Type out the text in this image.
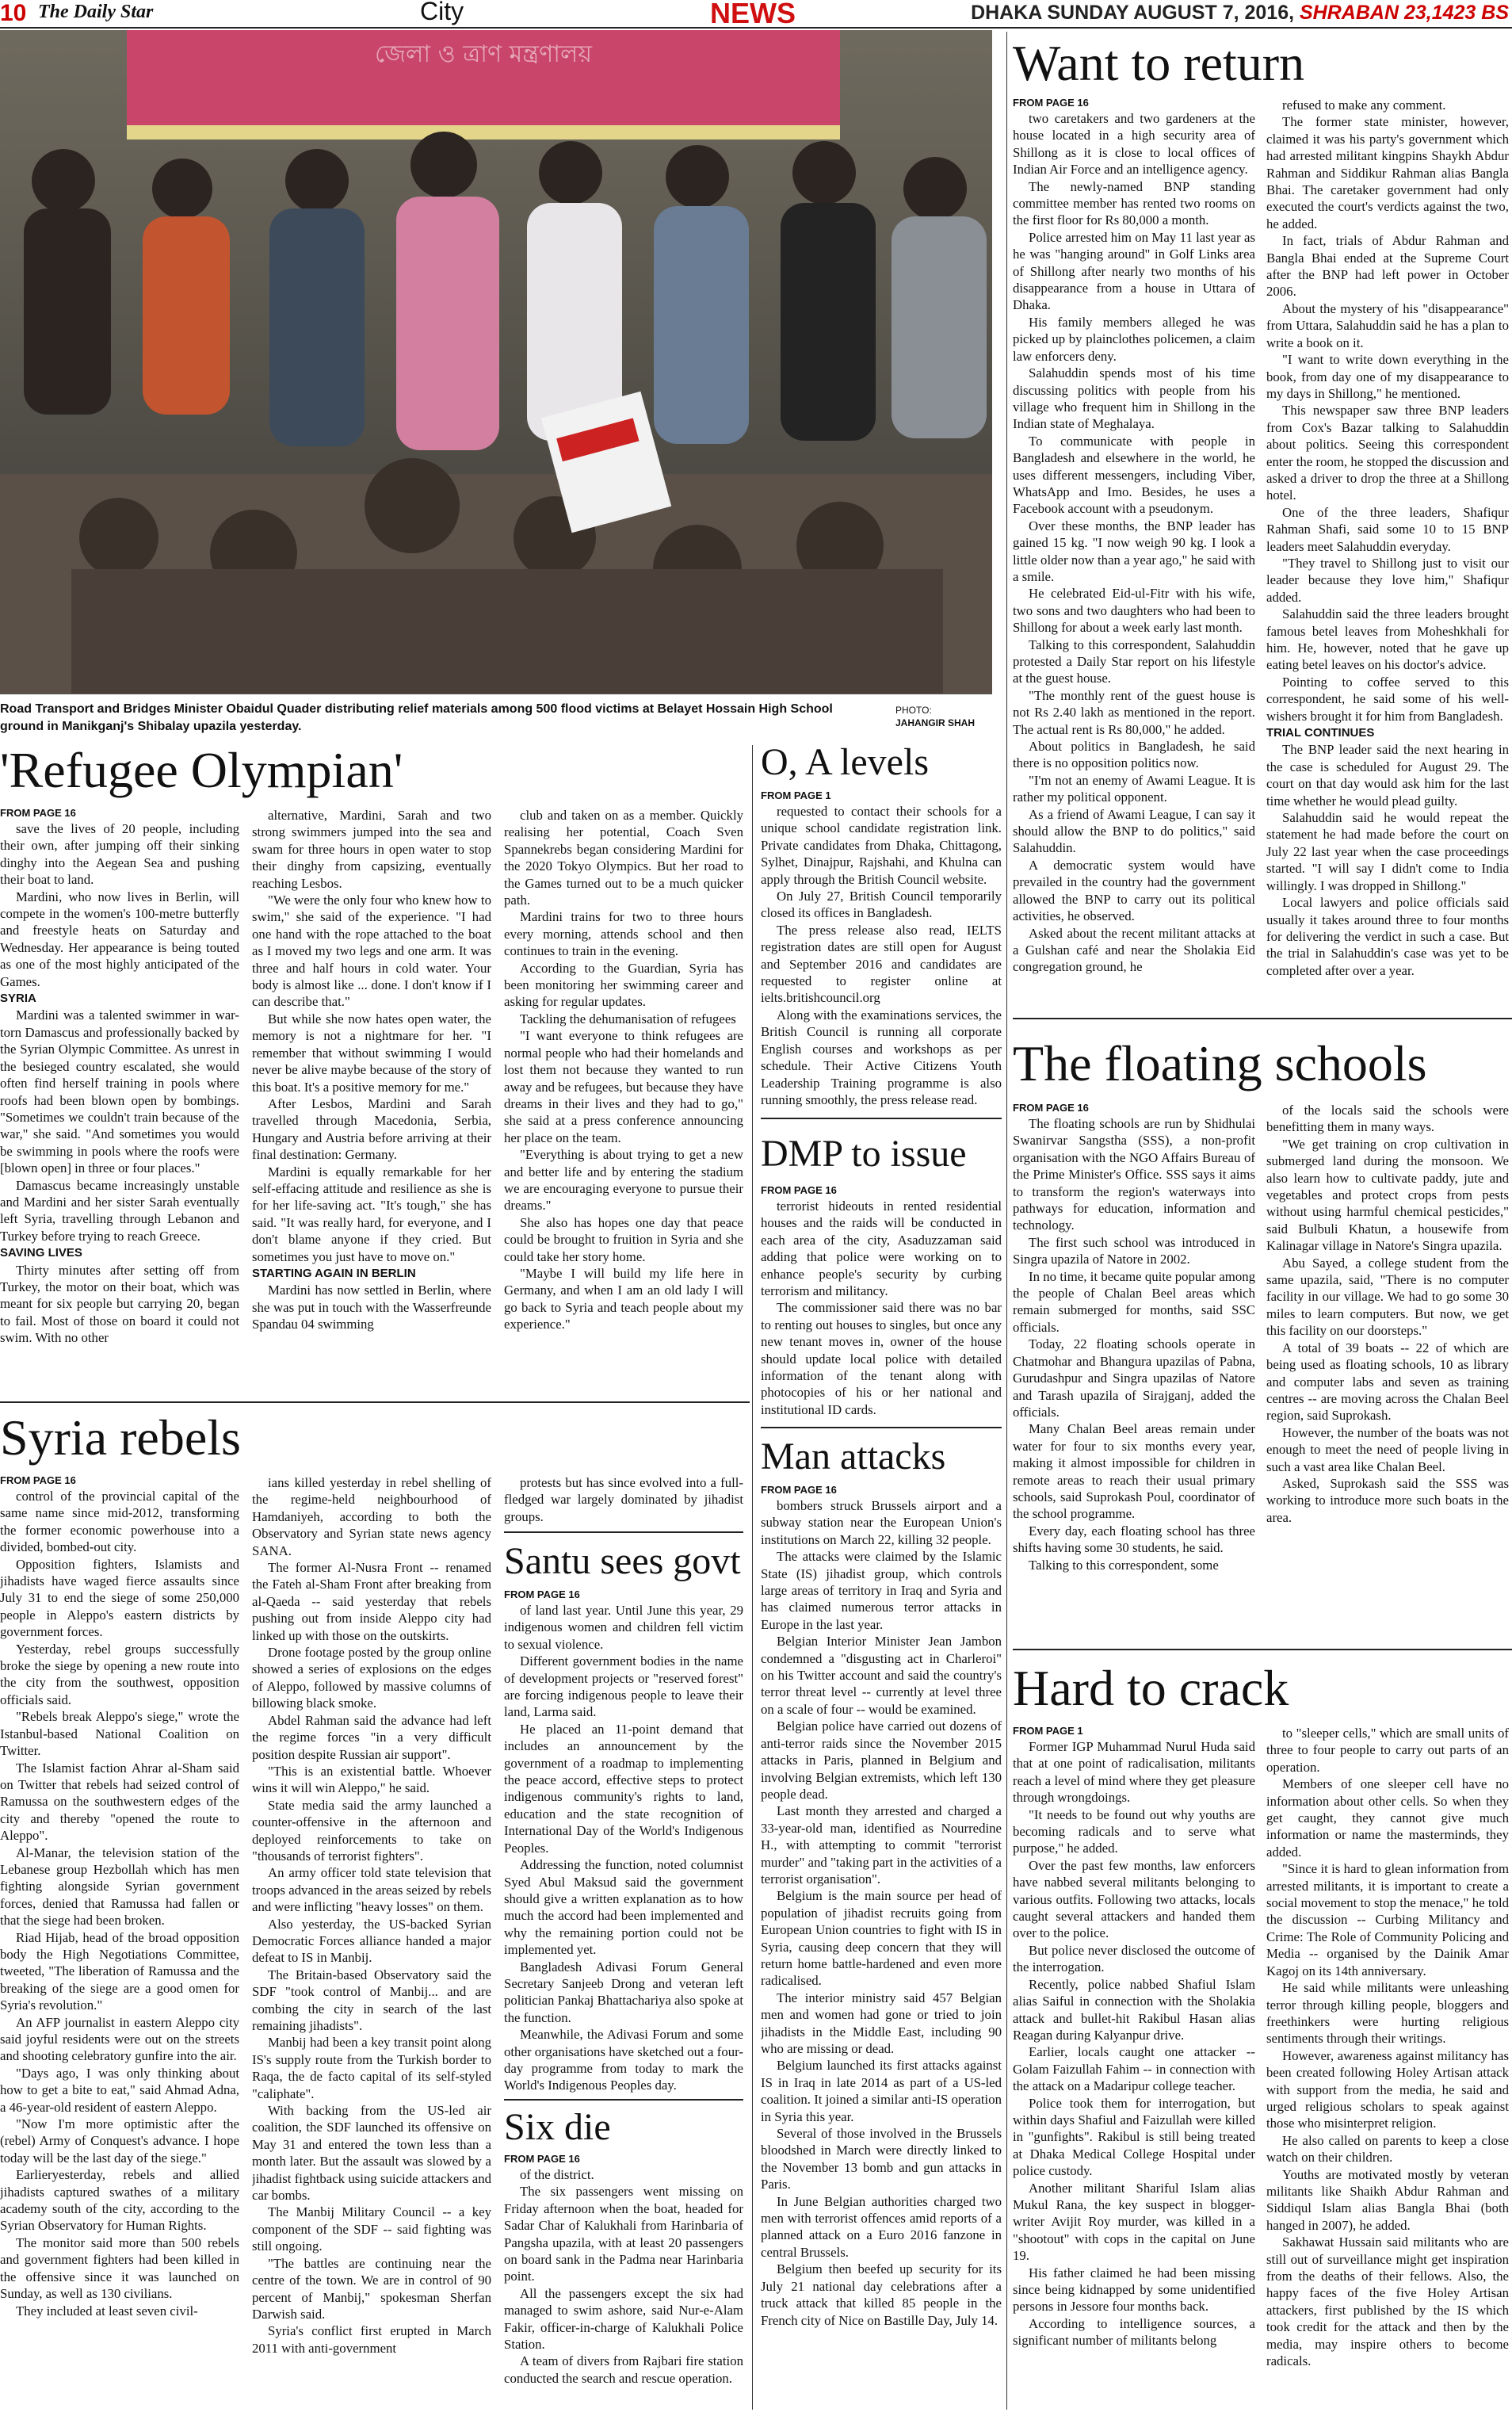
10 The Daily Star	City	NEWS	DHAKA SUNDAY AUGUST 7, 2016, SHRABAN 23,1423 BS
জেলা ও ত্রাণ মন্ত্রণালয়
Road Transport and Bridges Minister Obaidul Quader distributing relief materials among 500 flood victims at Belayet Hossain High School ground in Manikganj's Shibalay upazila yesterday.
PHOTO:
JAHANGIR SHAH
Want to return
FROM PAGE 16

two caretakers and two gardeners at the house located in a high security area of Shillong as it is close to local offices of Indian Air Force and an intelligence agency.

The newly-named BNP standing committee member has rented two rooms on the first floor for Rs 80,000 a month.

Police arrested him on May 11 last year as he was "hanging around" in Golf Links area of Shillong after nearly two months of his disappearance from a house in Uttara of Dhaka.

His family members alleged he was picked up by plainclothes policemen, a claim law enforcers deny.

Salahuddin spends most of his time discussing politics with people from his village who frequent him in Shillong in the Indian state of Meghalaya.

To communicate with people in Bangladesh and elsewhere in the world, he uses different messengers, including Viber, WhatsApp and Imo. Besides, he uses a Facebook account with a pseudonym.

Over these months, the BNP leader has gained 15 kg. "I now weigh 90 kg. I look a little older now than a year ago," he said with a smile.

He celebrated Eid-ul-Fitr with his wife, two sons and two daughters who had been to Shillong for about a week early last month.

Talking to this correspondent, Salahuddin protested a Daily Star report on his lifestyle at the guest house.

"The monthly rent of the guest house is not Rs 2.40 lakh as mentioned in the report. The actual rent is Rs 80,000," he added.

About politics in Bangladesh, he said there is no opposition politics now.

"I'm not an enemy of Awami League. It is rather my political opponent.

As a friend of Awami League, I can say it should allow the BNP to do politics," said Salahuddin.

A democratic system would have prevailed in the country had the government allowed the BNP to carry out its political activities, he observed.

Asked about the recent militant attacks at a Gulshan café and near the Sholakia Eid congregation ground, he

refused to make any comment.

The former state minister, however, claimed it was his party's government which had arrested militant kingpins Shaykh Abdur Rahman and Siddikur Rahman alias Bangla Bhai. The caretaker government had only executed the court's verdicts against the two, he added.

In fact, trials of Abdur Rahman and Bangla Bhai ended at the Supreme Court after the BNP had left power in October 2006.

About the mystery of his "disappearance" from Uttara, Salahuddin said he has a plan to write a book on it.

"I want to write down everything in the book, from day one of my disappearance to my days in Shillong," he mentioned.

This newspaper saw three BNP leaders from Cox's Bazar talking to Salahuddin about politics. Seeing this correspondent enter the room, he stopped the discussion and asked a driver to drop the three at a Shillong hotel.

One of the three leaders, Shafiqur Rahman Shafi, said some 10 to 15 BNP leaders meet Salahuddin everyday.

"They travel to Shillong just to visit our leader because they love him," Shafiqur added.

Salahuddin said the three leaders brought famous betel leaves from Moheshkhali for him. He, however, noted that he gave up eating betel leaves on his doctor's advice.

Pointing to coffee served to this correspondent, he said some of his well-wishers brought it for him from Bangladesh.

TRIAL CONTINUES

The BNP leader said the next hearing in the case is scheduled for August 29. The court on that day would ask him for the last time whether he would plead guilty.

Salahuddin said he would repeat the statement he had made before the court on July 22 last year when the case proceedings started. "I will say I didn't come to India willingly. I was dropped in Shillong."

Local lawyers and police officials said usually it takes around three to four months for delivering the verdict in such a case. But the trial in Salahuddin's case was yet to be completed after over a year.

The floating schools
FROM PAGE 16

The floating schools are run by Shidhulai Swanirvar Sangstha (SSS), a non-profit organisation with the NGO Affairs Bureau of the Prime Minister's Office. SSS says it aims to transform the region's waterways into pathways for education, information and technology.

The first such school was introduced in Singra upazila of Natore in 2002.

In no time, it became quite popular among the people of Chalan Beel areas which remain submerged for months, said SSC officials.

Today, 22 floating schools operate in Chatmohar and Bhangura upazilas of Pabna, Gurudashpur and Singra upazilas of Natore and Tarash upazila of Sirajganj, added the officials.

Many Chalan Beel areas remain under water for four to six months every year, making it almost impossible for children in remote areas to reach their usual primary schools, said Suprokash Poul, coordinator of the school programme.

Every day, each floating school has three shifts having some 30 students, he said.

Talking to this correspondent, some

of the locals said the schools were benefitting them in many ways.

"We get training on crop cultivation in submerged land during the monsoon. We also learn how to cultivate paddy, jute and vegetables and protect crops from pests without using harmful chemical pesticides," said Bulbuli Khatun, a housewife from Kalinagar village in Natore's Singra upazila.

Abu Sayed, a college student from the same upazila, said, "There is no computer facility in our village. We had to go some 30 miles to learn computers. But now, we get this facility on our doorsteps."

A total of 39 boats -- 22 of which are being used as floating schools, 10 as library and computer labs and seven as training centres -- are moving across the Chalan Beel region, said Suprokash.

However, the number of the boats was not enough to meet the need of people living in such a vast area like Chalan Beel.

Asked, Suprokash said the SSS was working to introduce more such boats in the area.

Hard to crack
FROM PAGE 1

Former IGP Muhammad Nurul Huda said that at one point of radicalisation, militants reach a level of mind where they get pleasure through wrongdoings.

"It needs to be found out why youths are becoming radicals and to serve what purpose," he added.

Over the past few months, law enforcers have nabbed several militants belonging to various outfits. Following two attacks, locals caught several attackers and handed them over to the police.

But police never disclosed the outcome of the interrogation.

Recently, police nabbed Shafiul Islam alias Saiful in connection with the Sholakia attack and bullet-hit Rakibul Hasan alias Reagan during Kalyanpur drive.

Earlier, locals caught one attacker -- Golam Faizullah Fahim -- in connection with the attack on a Madaripur college teacher.

Police took them for interrogation, but within days Shafiul and Faizullah were killed in "gunfights". Rakibul is still being treated at Dhaka Medical College Hospital under police custody.

Another militant Shariful Islam alias Mukul Rana, the key suspect in blogger-writer Avijit Roy murder, was killed in a "shootout" with cops in the capital on June 19.

His father claimed he had been missing since being kidnapped by some unidentified persons in Jessore four months back.

According to intelligence sources, a significant number of militants belong

to "sleeper cells," which are small units of three to four people to carry out parts of an operation.

Members of one sleeper cell have no information about other cells. So when they get caught, they cannot give much information or name the masterminds, they added.

"Since it is hard to glean information from arrested militants, it is important to create a social movement to stop the menace," he told the discussion -- Curbing Militancy and Crime: The Role of Community Policing and Media -- organised by the Dainik Amar Kagoj on its 14th anniversary.

He said while militants were unleashing terror through killing people, bloggers and freethinkers were hurting religious sentiments through their writings.

However, awareness against militancy has been created following Holey Artisan attack with support from the media, he said and urged religious scholars to speak against those who misinterpret religion.

He also called on parents to keep a close watch on their children.

Youths are motivated mostly by veteran militants like Shaikh Abdur Rahman and Siddiqul Islam alias Bangla Bhai (both hanged in 2007), he added.

Sakhawat Hussain said militants who are still out of surveillance might get inspiration from the deaths of their fellows. Also, the happy faces of the five Holey Artisan attackers, first published by the IS which took credit for the attack and then by the media, may inspire others to become radicals.

'Refugee Olympian'
FROM PAGE 16

save the lives of 20 people, including their own, after jumping off their sinking dinghy into the Aegean Sea and pushing their boat to land.

Mardini, who now lives in Berlin, will compete in the women's 100-metre butterfly and freestyle heats on Saturday and Wednesday. Her appearance is being touted as one of the most highly anticipated of the Games.

SYRIA

Mardini was a talented swimmer in war-torn Damascus and professionally backed by the Syrian Olympic Committee. As unrest in the besieged country escalated, she would often find herself training in pools where roofs had been blown open by bombings. "Sometimes we couldn't train because of the war," she said. "And sometimes you would be swimming in pools where the roofs were [blown open] in three or four places."

Damascus became increasingly unstable and Mardini and her sister Sarah eventually left Syria, travelling through Lebanon and Turkey before trying to reach Greece.

SAVING LIVES

Thirty minutes after setting off from Turkey, the motor on their boat, which was meant for six people but carrying 20, began to fail. Most of those on board it could not swim. With no other

alternative, Mardini, Sarah and two strong swimmers jumped into the sea and swam for three hours in open water to stop their dinghy from capsizing, eventually reaching Lesbos.

"We were the only four who knew how to swim," she said of the experience. "I had one hand with the rope attached to the boat as I moved my two legs and one arm. It was three and half hours in cold water. Your body is almost like ... done. I don't know if I can describe that."

But while she now hates open water, the memory is not a nightmare for her. "I remember that without swimming I would never be alive maybe because of the story of this boat. It's a positive memory for me."

After Lesbos, Mardini and Sarah travelled through Macedonia, Serbia, Hungary and Austria before arriving at their final destination: Germany.

Mardini is equally remarkable for her self-effacing attitude and resilience as she is for her life-saving act. "It's tough," she has said. "It was really hard, for everyone, and I don't blame anyone if they cried. But sometimes you just have to move on."

STARTING AGAIN IN BERLIN

Mardini has now settled in Berlin, where she was put in touch with the Wasserfreunde Spandau 04 swimming

club and taken on as a member. Quickly realising her potential, Coach Sven Spannekrebs began considering Mardini for the 2020 Tokyo Olympics. But her road to the Games turned out to be a much quicker path.

Mardini trains for two to three hours every morning, attends school and then continues to train in the evening.

According to the Guardian, Syria has been monitoring her swimming career and asking for regular updates.

Tackling the dehumanisation of refugees

"I want everyone to think refugees are normal people who had their homelands and lost them not because they wanted to run away and be refugees, but because they have dreams in their lives and they had to go," she said at a press conference announcing her place on the team.

"Everything is about trying to get a new and better life and by entering the stadium we are encouraging everyone to pursue their dreams."

She also has hopes one day that peace could be brought to fruition in Syria and she could take her story home.

"Maybe I will build my life here in Germany, and when I am an old lady I will go back to Syria and teach people about my experience."

O, A levels
FROM PAGE 1

requested to contact their schools for a unique school candidate registration link. Private candidates from Dhaka, Chittagong, Sylhet, Dinajpur, Rajshahi, and Khulna can apply through the British Council website.

On July 27, British Council temporarily closed its offices in Bangladesh.

The press release also read, IELTS registration dates are still open for August and September 2016 and candidates are requested to register online at ielts.britishcouncil.org

Along with the examinations services, the British Council is running all corporate English courses and workshops as per schedule. Their Active Citizens Youth Leadership Training programme is also running smoothly, the press release read.

DMP to issue
FROM PAGE 16

terrorist hideouts in rented residential houses and the raids will be conducted in each area of the city, Asaduzzaman said adding that police were working on to enhance people's security by curbing terrorism and militancy.

The commissioner said there was no bar to renting out houses to singles, but once any new tenant moves in, owner of the house should update local police with detailed information of the tenant along with photocopies of his or her national and institutional ID cards.

Man attacks
FROM PAGE 16

bombers struck Brussels airport and a subway station near the European Union's institutions on March 22, killing 32 people.

The attacks were claimed by the Islamic State (IS) jihadist group, which controls large areas of territory in Iraq and Syria and has claimed numerous terror attacks in Europe in the last year.

Belgian Interior Minister Jean Jambon condemned a "disgusting act in Charleroi" on his Twitter account and said the country's terror threat level -- currently at level three on a scale of four -- would be examined.

Belgian police have carried out dozens of anti-terror raids since the November 2015 attacks in Paris, planned in Belgium and involving Belgian extremists, which left 130 people dead.

Last month they arrested and charged a 33-year-old man, identified as Nourredine H., with attempting to commit "terrorist murder" and "taking part in the activities of a terrorist organisation".

Belgium is the main source per head of population of jihadist recruits going from European Union countries to fight with IS in Syria, causing deep concern that they will return home battle-hardened and even more radicalised.

The interior ministry said 457 Belgian men and women had gone or tried to join jihadists in the Middle East, including 90 who are missing or dead.

Belgium launched its first attacks against IS in Iraq in late 2014 as part of a US-led coalition. It joined a similar anti-IS operation in Syria this year.

Several of those involved in the Brussels bloodshed in March were directly linked to the November 13 bomb and gun attacks in Paris.

In June Belgian authorities charged two men with terrorist offences amid reports of a planned attack on a Euro 2016 fanzone in central Brussels.

Belgium then beefed up security for its July 21 national day celebrations after a truck attack that killed 85 people in the French city of Nice on Bastille Day, July 14.

Syria rebels
FROM PAGE 16

control of the provincial capital of the same name since mid-2012, transforming the former economic powerhouse into a divided, bombed-out city.

Opposition fighters, Islamists and jihadists have waged fierce assaults since July 31 to end the siege of some 250,000 people in Aleppo's eastern districts by government forces.

Yesterday, rebel groups successfully broke the siege by opening a new route into the city from the southwest, opposition officials said.

"Rebels break Aleppo's siege," wrote the Istanbul-based National Coalition on Twitter.

The Islamist faction Ahrar al-Sham said on Twitter that rebels had seized control of Ramussa on the southwestern edges of the city and thereby "opened the route to Aleppo".

Al-Manar, the television station of the Lebanese group Hezbollah which has men fighting alongside Syrian government forces, denied that Ramussa had fallen or that the siege had been broken.

Riad Hijab, head of the broad opposition body the High Negotiations Committee, tweeted, "The liberation of Ramussa and the breaking of the siege are a good omen for Syria's revolution."

An AFP journalist in eastern Aleppo city said joyful residents were out on the streets and shooting celebratory gunfire into the air.

"Days ago, I was only thinking about how to get a bite to eat," said Ahmad Adna, a 46-year-old resident of eastern Aleppo.

"Now I'm more optimistic after the (rebel) Army of Conquest's advance. I hope today will be the last day of the siege."

Earlieryesterday, rebels and allied jihadists captured swathes of a military academy south of the city, according to the Syrian Observatory for Human Rights.

The monitor said more than 500 rebels and government fighters had been killed in the offensive since it was launched on Sunday, as well as 130 civilians.

They included at least seven civil-

ians killed yesterday in rebel shelling of the regime-held neighbourhood of Hamdaniyeh, according to both the Observatory and Syrian state news agency SANA.

The former Al-Nusra Front -- renamed the Fateh al-Sham Front after breaking from al-Qaeda -- said yesterday that rebels pushing out from inside Aleppo city had linked up with those on the outskirts.

Drone footage posted by the group online showed a series of explosions on the edges of Aleppo, followed by massive columns of billowing black smoke.

Abdel Rahman said the advance had left the regime forces "in a very difficult position despite Russian air support".

"This is an existential battle. Whoever wins it will win Aleppo," he said.

State media said the army launched a counter-offensive in the afternoon and deployed reinforcements to take on "thousands of terrorist fighters".

An army officer told state television that troops advanced in the areas seized by rebels and were inflicting "heavy losses" on them.

Also yesterday, the US-backed Syrian Democratic Forces alliance handed a major defeat to IS in Manbij.

The Britain-based Observatory said the SDF "took control of Manbij... and are combing the city in search of the last remaining jihadists".

Manbij had been a key transit point along IS's supply route from the Turkish border to Raqa, the de facto capital of its self-styled "caliphate".

With backing from the US-led air coalition, the SDF launched its offensive on May 31 and entered the town less than a month later. But the assault was slowed by a jihadist fightback using suicide attackers and car bombs.

The Manbij Military Council -- a key component of the SDF -- said fighting was still ongoing.

"The battles are continuing near the centre of the town. We are in control of 90 percent of Manbij," spokesman Sherfan Darwish said.

Syria's conflict first erupted in March 2011 with anti-government

protests but has since evolved into a full-fledged war largely dominated by jihadist groups.

Santu sees govt
FROM PAGE 16

of land last year. Until June this year, 29 indigenous women and children fell victim to sexual violence.

Different government bodies in the name of development projects or "reserved forest" are forcing indigenous people to leave their land, Larma said.

He placed an 11-point demand that includes an announcement by the government of a roadmap to implementing the peace accord, effective steps to protect indigenous community's rights to land, education and the state recognition of International Day of the World's Indigenous Peoples.

Addressing the function, noted columnist Syed Abul Maksud said the government should give a written explanation as to how much the accord had been implemented and why the remaining portion could not be implemented yet.

Bangladesh Adivasi Forum General Secretary Sanjeeb Drong and veteran left politician Pankaj Bhattachariya also spoke at the function.

Meanwhile, the Adivasi Forum and some other organisations have sketched out a four-day programme from today to mark the World's Indigenous Peoples day.

Six die
FROM PAGE 16

of the district.

The six passengers went missing on Friday afternoon when the boat, headed for Sadar Char of Kalukhali from Harinbaria of Pangsha upazila, with at least 20 passengers on board sank in the Padma near Harinbaria point.

All the passengers except the six had managed to swim ashore, said Nur-e-Alam Fakir, officer-in-charge of Kalukhali Police Station.

A team of divers from Rajbari fire station conducted the search and rescue operation.
